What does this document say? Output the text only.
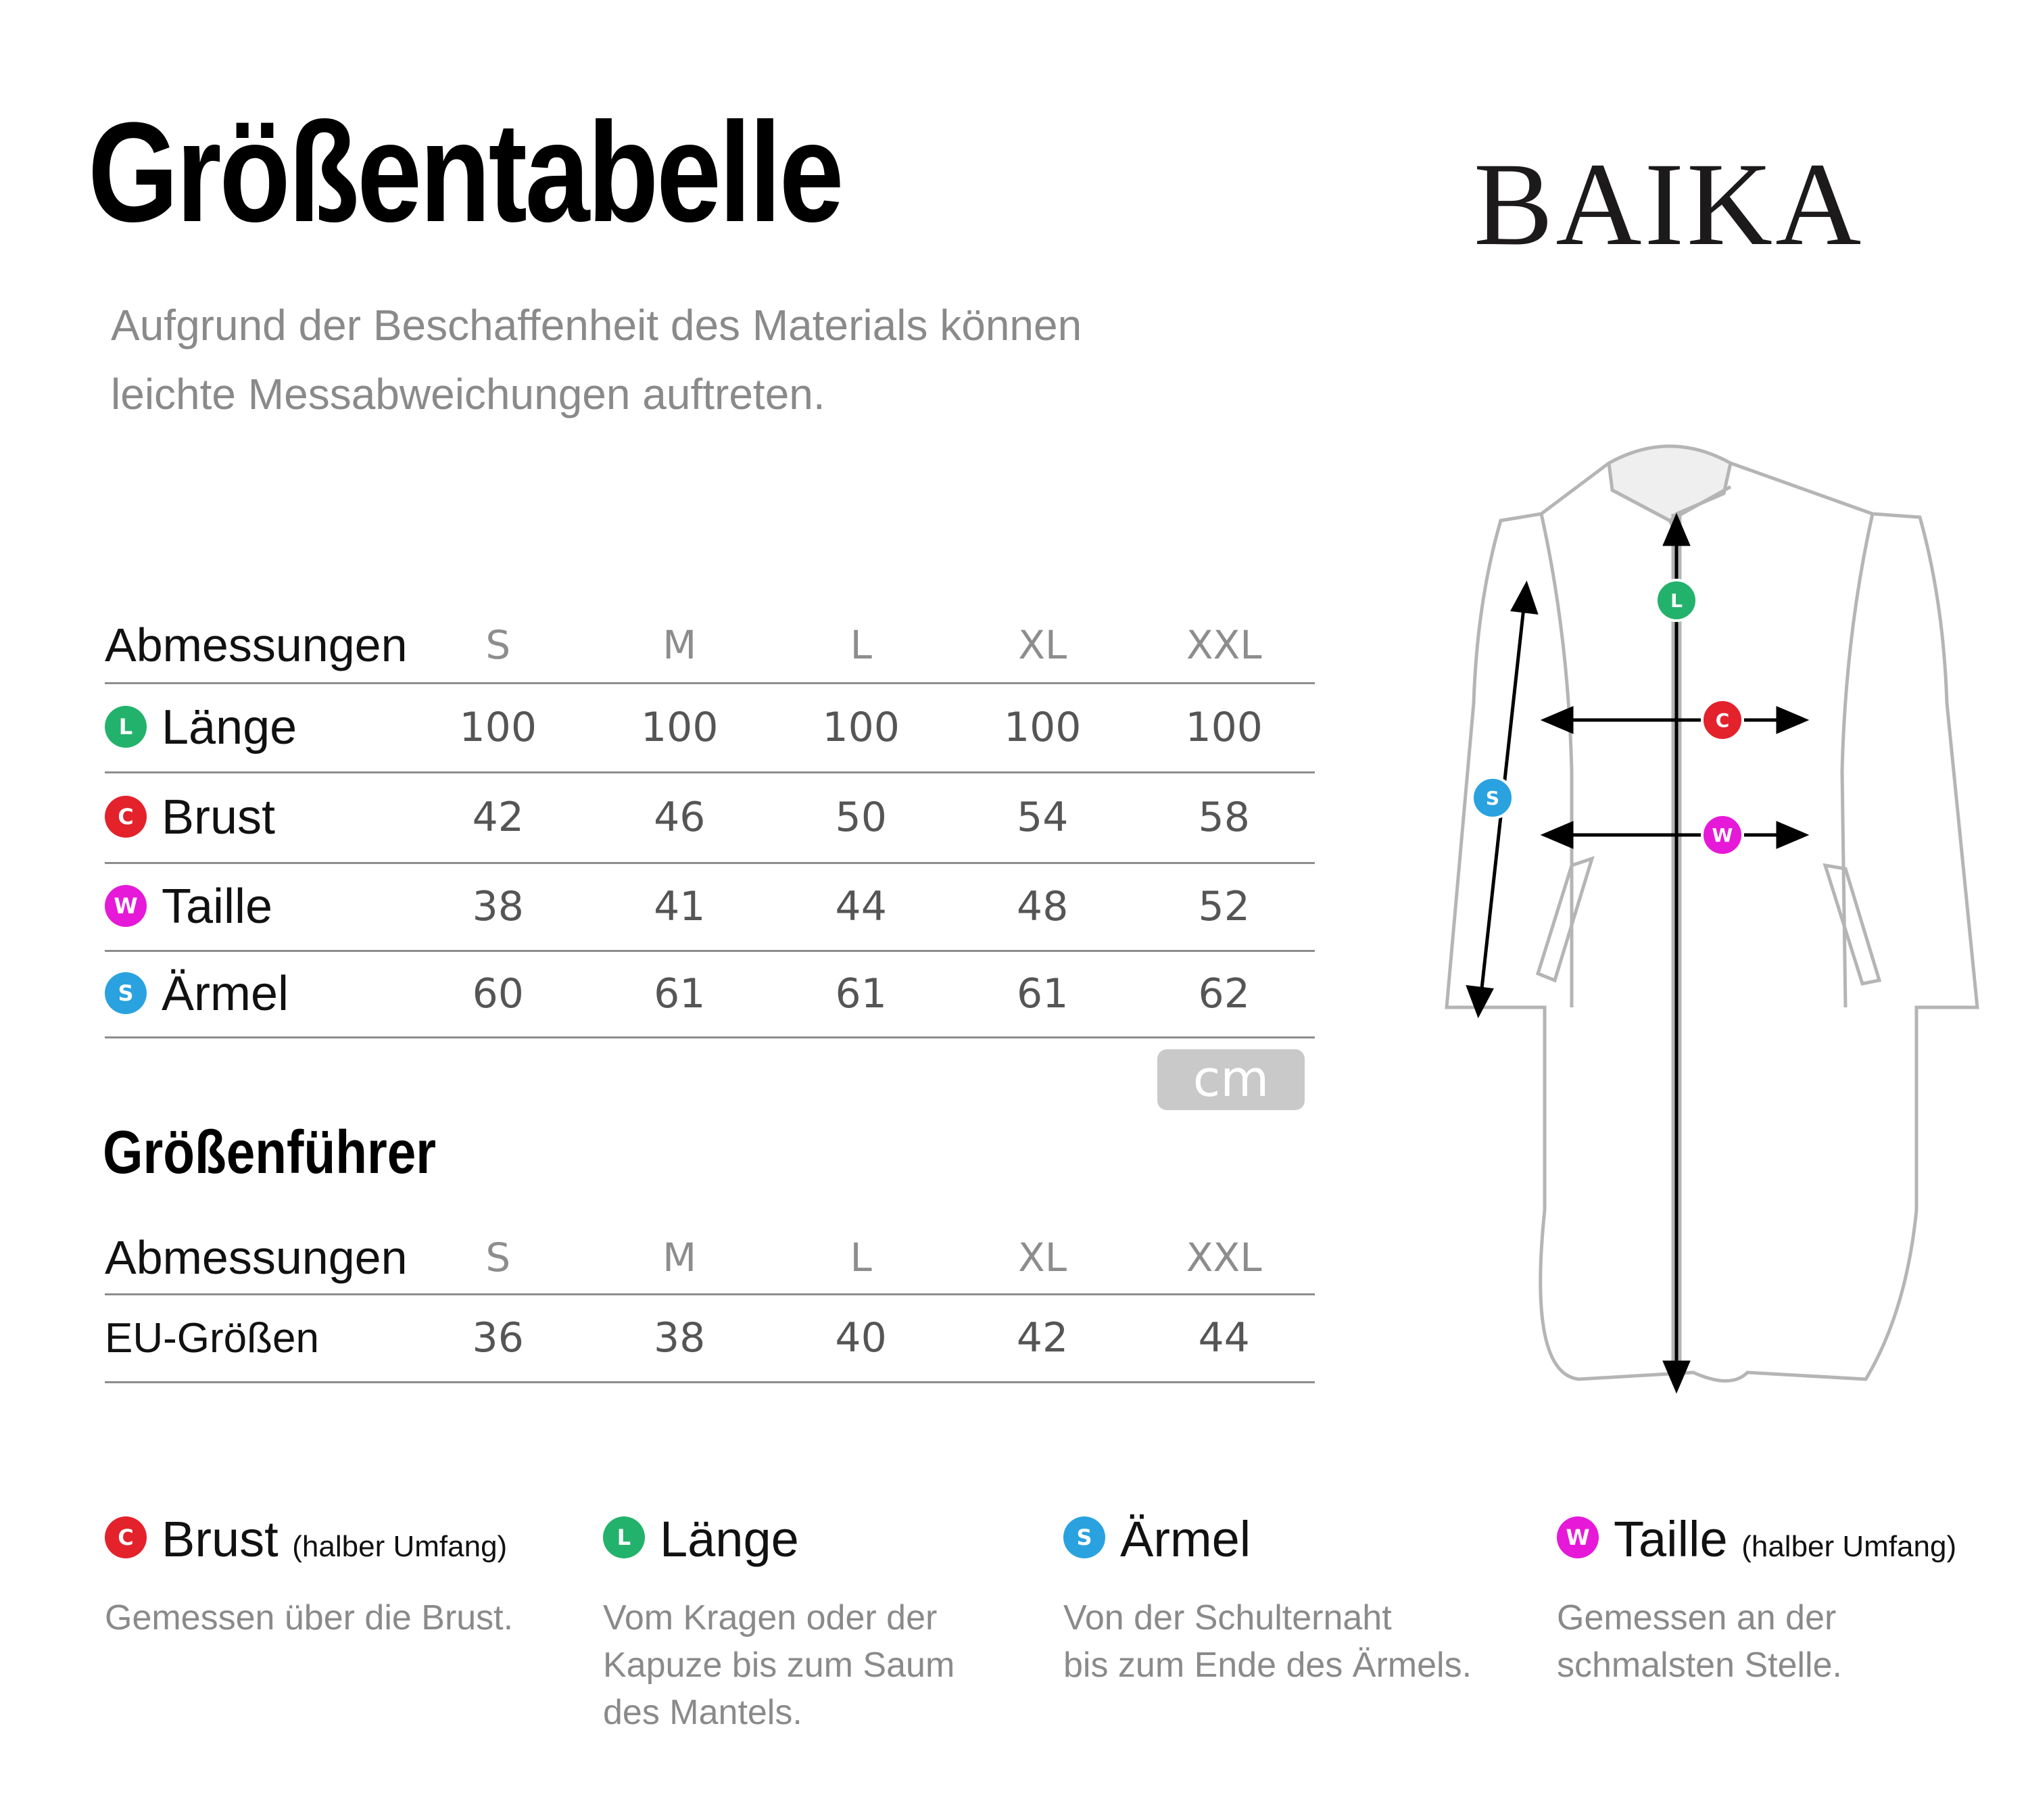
Größentabelle	BAIKA
Aufgrund der Beschaffenheit des Materials können leichte Messabweichungen auftreten.
Abmessungen	S	M	L	XL	XXL
L Länge	100	100	100	100	100
C Brust	42	46	50	54	58
W Taille	38	41	44	48	52
S Ärmel	60	61	61	61	62
cm
Größenführer
Abmessungen	S	M	L	XL	XXL
EU-Größen	36	38	40	42	44
L
C
W
S
C Brust (halber Umfang)
Gemessen über die Brust.
L Länge
Vom Kragen oder der
Kapuze bis zum Saum
des Mantels.
S Ärmel
Von der Schulternaht
bis zum Ende des Ärmels.
W Taille (halber Umfang)
Gemessen an der
schmalsten Stelle.
